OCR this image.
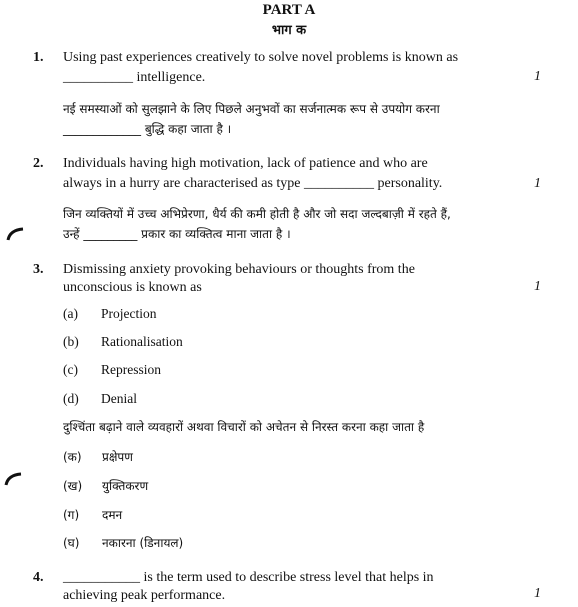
PART A
भाग क
1. Using past experiences creatively to solve novel problems is known as
__________ intelligence.	1
नई समस्याओं को सुलझाने के लिए पिछले अनुभवों का सर्जनात्मक रूप से उपयोग करना
_____________ बुद्धि कहा जाता है ।
2. Individuals having high motivation, lack of patience and who are
always in a hurry are characterised as type __________ personality.	1
जिन व्यक्तियों में उच्च अभिप्रेरणा, धैर्य की कमी होती है और जो सदा जल्दबाज़ी में रहते हैं,
उन्हें _________ प्रकार का व्यक्तित्व माना जाता है ।
3. Dismissing anxiety provoking behaviours or thoughts from the
unconscious is known as	1
(a) Projection
(b) Rationalisation
(c) Repression
(d) Denial
दुश्चिंता बढ़ाने वाले व्यवहारों अथवा विचारों को अचेतन से निरस्त करना कहा जाता है
(क) प्रक्षेपण
(ख) युक्तिकरण
(ग) दमन
(घ) नकारना (डिनायल)
4. ___________ is the term used to describe stress level that helps in
achieving peak performance.	1
